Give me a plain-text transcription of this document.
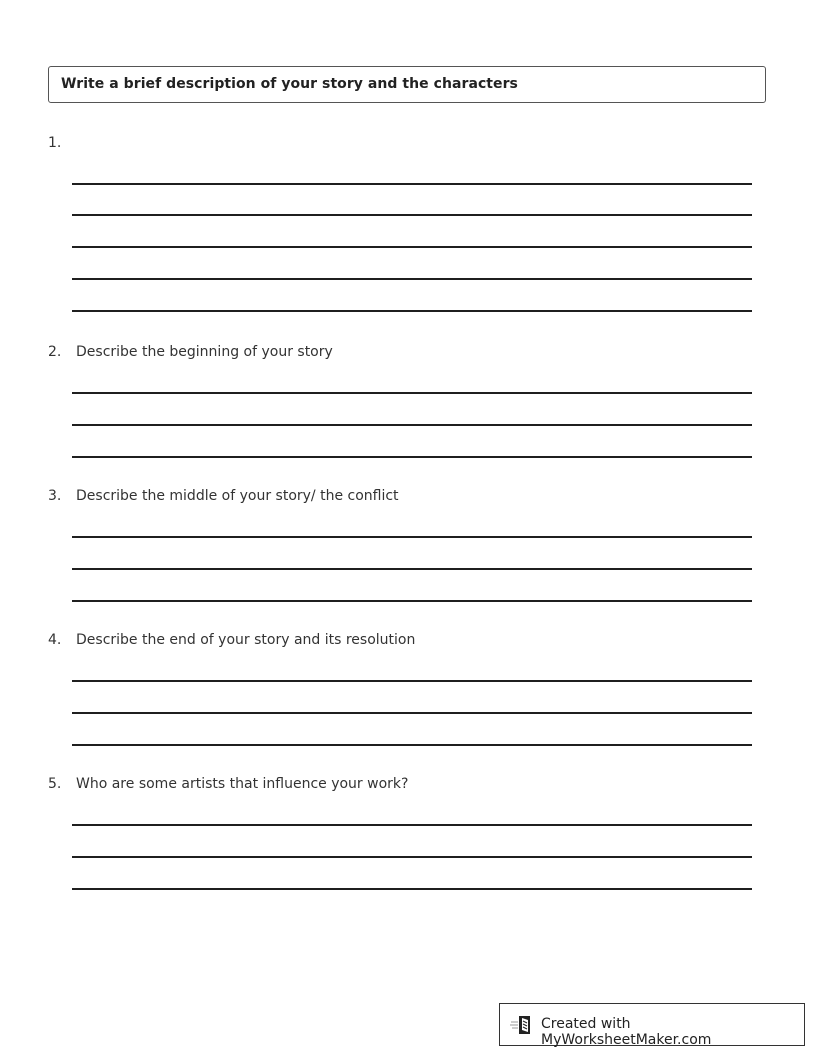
Write a brief description of your story and the characters
1.
2. Describe the beginning of your story
3. Describe the middle of your story/ the conflict
4. Describe the end of your story and its resolution
5. Who are some artists that influence your work?
Created with MyWorksheetMaker.com
